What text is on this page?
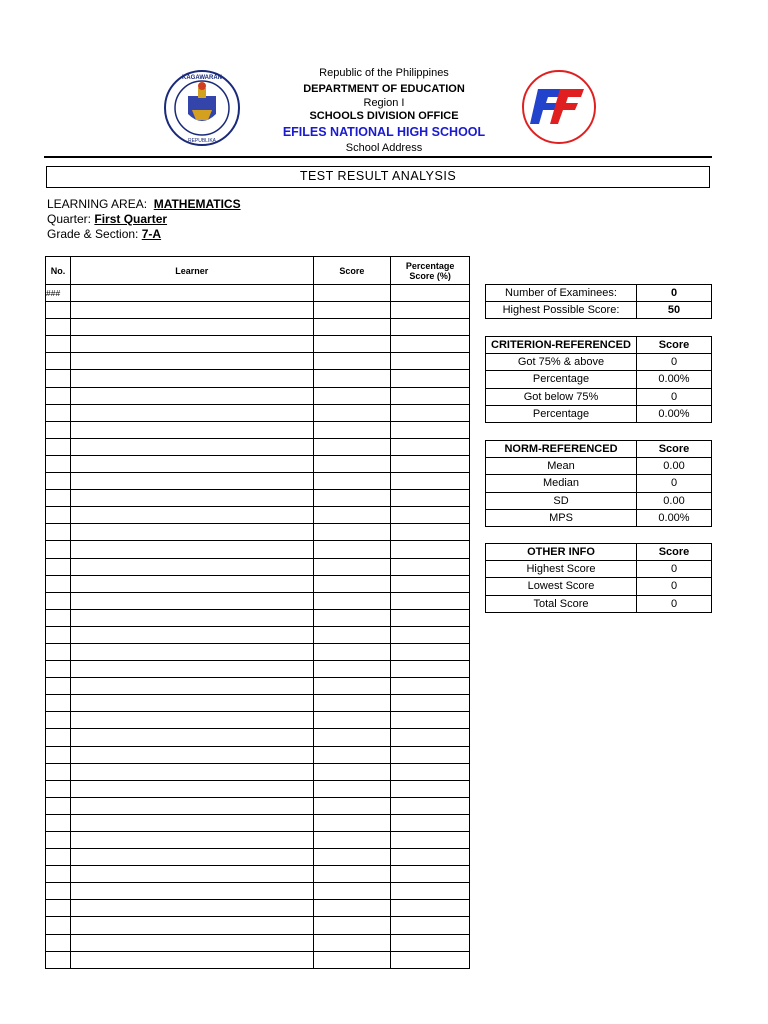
KAGAWARAN
REPUBLIKA
Republic of the Philippines
DEPARTMENT OF EDUCATION
Region I
SCHOOLS DIVISION OFFICE
EFILES NATIONAL HIGH SCHOOL
School Address
TEST RESULT ANALYSIS
LEARNING AREA: MATHEMATICS
Quarter: First Quarter
Grade & Section: 7-A
No.	Learner	Score	Percentage
Score (%)
###			

				Number of Examinees:	0
Highest Possible Score:	50
CRITERION-REFERENCED	Score
Got 75% & above	0
Percentage	0.00%
Got below 75%	0
Percentage	0.00%
NORM-REFERENCED	Score
Mean	0.00
Median	0
SD	0.00
MPS	0.00%
OTHER INFO	Score
Highest Score	0
Lowest Score	0
Total Score	0
